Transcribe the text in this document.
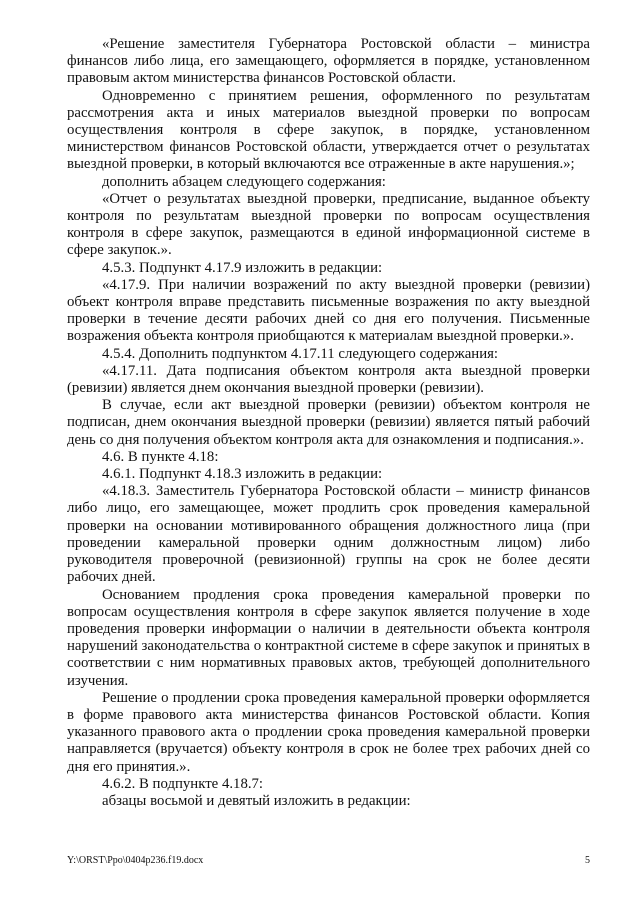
«Решение заместителя Губернатора Ростовской области – министра финансов либо лица, его замещающего, оформляется в порядке, установленном правовым актом министерства финансов Ростовской области.

Одновременно с принятием решения, оформленного по результатам рассмотрения акта и иных материалов выездной проверки по вопросам осуществления контроля в сфере закупок, в порядке, установленном министерством финансов Ростовской области, утверждается отчет о результатах выездной проверки, в который включаются все отраженные в акте нарушения.»;

дополнить абзацем следующего содержания:

«Отчет о результатах выездной проверки, предписание, выданное объекту контроля по результатам выездной проверки по вопросам осуществления контроля в сфере закупок, размещаются в единой информационной системе в сфере закупок.».

4.5.3. Подпункт 4.17.9 изложить в редакции:

«4.17.9. При наличии возражений по акту выездной проверки (ревизии) объект контроля вправе представить письменные возражения по акту выездной проверки в течение десяти рабочих дней со дня его получения. Письменные возражения объекта контроля приобщаются к материалам выездной проверки.».

4.5.4. Дополнить подпунктом 4.17.11 следующего содержания:

«4.17.11. Дата подписания объектом контроля акта выездной проверки (ревизии) является днем окончания выездной проверки (ревизии).

В случае, если акт выездной проверки (ревизии) объектом контроля не подписан, днем окончания выездной проверки (ревизии) является пятый рабочий день со дня получения объектом контроля акта для ознакомления и подписания.».

4.6. В пункте 4.18:

4.6.1. Подпункт 4.18.3 изложить в редакции:

«4.18.3. Заместитель Губернатора Ростовской области – министр финансов либо лицо, его замещающее, может продлить срок проведения камеральной проверки на основании мотивированного обращения должностного лица (при проведении камеральной проверки одним должностным лицом) либо руководителя проверочной (ревизионной) группы на срок не более десяти рабочих дней.

Основанием продления срока проведения камеральной проверки по вопросам осуществления контроля в сфере закупок является получение в ходе проведения проверки информации о наличии в деятельности объекта контроля нарушений законодательства о контрактной системе в сфере закупок и принятых в соответствии с ним нормативных правовых актов, требующей дополнительного изучения.

Решение о продлении срока проведения камеральной проверки оформляется в форме правового акта министерства финансов Ростовской области. Копия указанного правового акта о продлении срока проведения камеральной проверки направляется (вручается) объекту контроля в срок не более трех рабочих дней со дня его принятия.».

4.6.2. В подпункте 4.18.7:

абзацы восьмой и девятый изложить в редакции:

Y:\ORST\Ppo\0404p236.f19.docx	5
